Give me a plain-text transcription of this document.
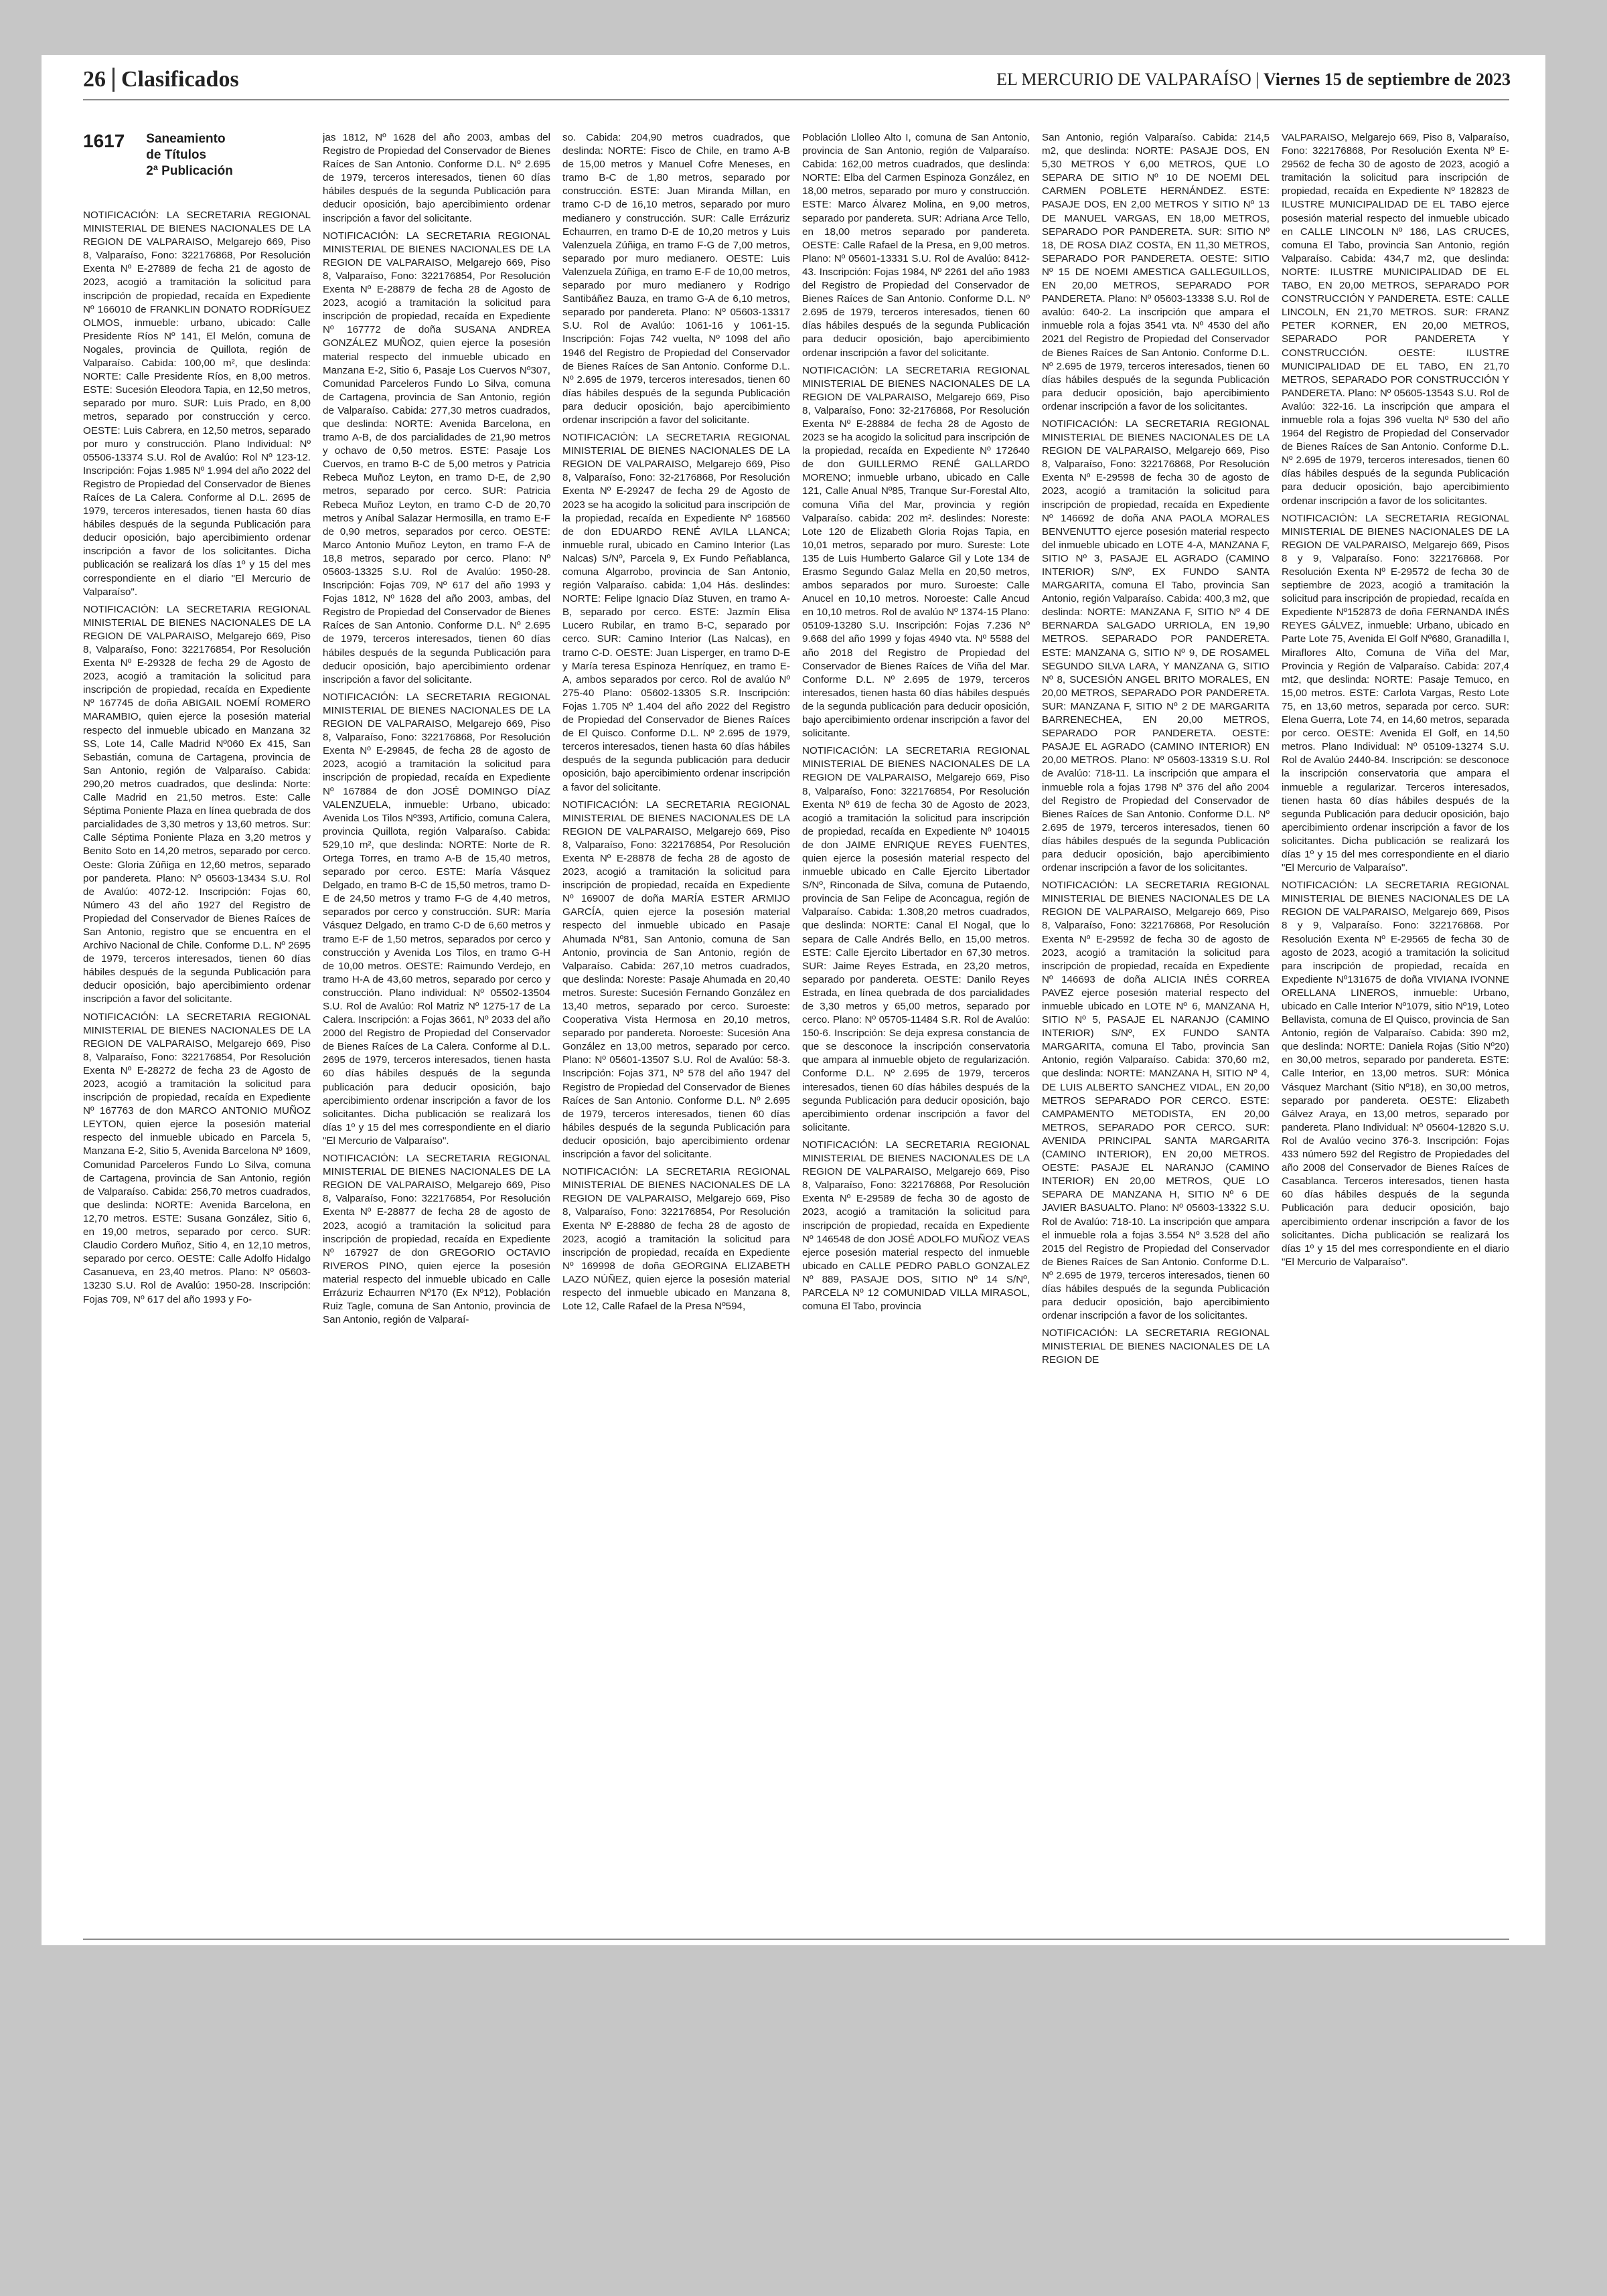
26 Clasificados	EL MERCURIO DE VALPARAÍSO | Viernes 15 de septiembre de 2023
1617 Saneamiento
de Títulos
2ª Publicación

NOTIFICACIÓN: LA SECRETARIA REGIONAL MINISTERIAL DE BIENES NACIONALES DE LA REGION DE VALPARAISO, Melgarejo 669, Piso 8, Valparaíso, Fono: 322176868, Por Resolución Exenta Nº E-27889 de fecha 21 de agosto de 2023, acogió a tramitación la solicitud para inscripción de propiedad, recaída en Expediente Nº 166010 de FRANKLIN DONATO RODRÍGUEZ OLMOS, inmueble: urbano, ubicado: Calle Presidente Ríos Nº 141, El Melón, comuna de Nogales, provincia de Quillota, región de Valparaíso. Cabida: 100,00 m², que deslinda: NORTE: Calle Presidente Ríos, en 8,00 metros. ESTE: Sucesión Eleodora Tapia, en 12,50 metros, separado por muro. SUR: Luis Prado, en 8,00 metros, separado por construcción y cerco. OESTE: Luis Cabrera, en 12,50 metros, separado por muro y construcción. Plano Individual: Nº 05506-13374 S.U. Rol de Avalúo: Rol Nº 123-12. Inscripción: Fojas 1.985 Nº 1.994 del año 2022 del Registro de Propiedad del Conservador de Bienes Raíces de La Calera. Conforme al D.L. 2695 de 1979, terceros interesados, tienen hasta 60 días hábiles después de la segunda Publicación para deducir oposición, bajo apercibimiento ordenar inscripción a favor de los solicitantes. Dicha publicación se realizará los días 1º y 15 del mes correspondiente en el diario "El Mercurio de Valparaíso".

NOTIFICACIÓN: LA SECRETARIA REGIONAL MINISTERIAL DE BIENES NACIONALES DE LA REGION DE VALPARAISO, Melgarejo 669, Piso 8, Valparaíso, Fono: 322176854, Por Resolución Exenta Nº E-29328 de fecha 29 de Agosto de 2023, acogió a tramitación la solicitud para inscripción de propiedad, recaída en Expediente Nº 167745 de doña ABIGAIL NOEMÍ ROMERO MARAMBIO, quien ejerce la posesión material respecto del inmueble ubicado en Manzana 32 SS, Lote 14, Calle Madrid Nº060 Ex 415, San Sebastián, comuna de Cartagena, provincia de San Antonio, región de Valparaíso. Cabida: 290,20 metros cuadrados, que deslinda: Norte: Calle Madrid en 21,50 metros. Este: Calle Séptima Poniente Plaza en línea quebrada de dos parcialidades de 3,30 metros y 13,60 metros. Sur: Calle Séptima Poniente Plaza en 3,20 metros y Benito Soto en 14,20 metros, separado por cerco. Oeste: Gloria Zúñiga en 12,60 metros, separado por pandereta. Plano: Nº 05603-13434 S.U. Rol de Avalúo: 4072-12. Inscripción: Fojas 60, Número 43 del año 1927 del Registro de Propiedad del Conservador de Bienes Raíces de San Antonio, registro que se encuentra en el Archivo Nacional de Chile. Conforme D.L. Nº 2695 de 1979, terceros interesados, tienen 60 días hábiles después de la segunda Publicación para deducir oposición, bajo apercibimiento ordenar inscripción a favor del solicitante.

NOTIFICACIÓN: LA SECRETARIA REGIONAL MINISTERIAL DE BIENES NACIONALES DE LA REGION DE VALPARAISO, Melgarejo 669, Piso 8, Valparaíso, Fono: 322176854, Por Resolución Exenta Nº E-28272 de fecha 23 de Agosto de 2023, acogió a tramitación la solicitud para inscripción de propiedad, recaída en Expediente Nº 167763 de don MARCO ANTONIO MUÑOZ LEYTON, quien ejerce la posesión material respecto del inmueble ubicado en Parcela 5, Manzana E-2, Sitio 5, Avenida Barcelona Nº 1609, Comunidad Parceleros Fundo Lo Silva, comuna de Cartagena, provincia de San Antonio, región de Valparaíso. Cabida: 256,70 metros cuadrados, que deslinda: NORTE: Avenida Barcelona, en 12,70 metros. ESTE: Susana González, Sitio 6, en 19,00 metros, separado por cerco. SUR: Claudio Cordero Muñoz, Sitio 4, en 12,10 metros, separado por cerco. OESTE: Calle Adolfo Hidalgo Casanueva, en 23,40 metros. Plano: Nº 05603-13230 S.U. Rol de Avalúo: 1950-28. Inscripción: Fojas 709, Nº 617 del año 1993 y Fo-

jas 1812, Nº 1628 del año 2003, ambas del Registro de Propiedad del Conservador de Bienes Raíces de San Antonio. Conforme D.L. Nº 2.695 de 1979, terceros interesados, tienen 60 días hábiles después de la segunda Publicación para deducir oposición, bajo apercibimiento ordenar inscripción a favor del solicitante.

NOTIFICACIÓN: LA SECRETARIA REGIONAL MINISTERIAL DE BIENES NACIONALES DE LA REGION DE VALPARAISO, Melgarejo 669, Piso 8, Valparaíso, Fono: 322176854, Por Resolución Exenta Nº E-28879 de fecha 28 de Agosto de 2023, acogió a tramitación la solicitud para inscripción de propiedad, recaída en Expediente Nº 167772 de doña SUSANA ANDREA GONZÁLEZ MUÑOZ, quien ejerce la posesión material respecto del inmueble ubicado en Manzana E-2, Sitio 6, Pasaje Los Cuervos Nº307, Comunidad Parceleros Fundo Lo Silva, comuna de Cartagena, provincia de San Antonio, región de Valparaíso. Cabida: 277,30 metros cuadrados, que deslinda: NORTE: Avenida Barcelona, en tramo A-B, de dos parcialidades de 21,90 metros y ochavo de 0,50 metros. ESTE: Pasaje Los Cuervos, en tramo B-C de 5,00 metros y Patricia Rebeca Muñoz Leyton, en tramo D-E, de 2,90 metros, separado por cerco. SUR: Patricia Rebeca Muñoz Leyton, en tramo C-D de 20,70 metros y Aníbal Salazar Hermosilla, en tramo E-F de 0,90 metros, separados por cerco. OESTE: Marco Antonio Muñoz Leyton, en tramo F-A de 18,8 metros, separado por cerco. Plano: Nº 05603-13325 S.U. Rol de Avalúo: 1950-28. Inscripción: Fojas 709, Nº 617 del año 1993 y Fojas 1812, Nº 1628 del año 2003, ambas, del Registro de Propiedad del Conservador de Bienes Raíces de San Antonio. Conforme D.L. Nº 2.695 de 1979, terceros interesados, tienen 60 días hábiles después de la segunda Publicación para deducir oposición, bajo apercibimiento ordenar inscripción a favor del solicitante.

NOTIFICACIÓN: LA SECRETARIA REGIONAL MINISTERIAL DE BIENES NACIONALES DE LA REGION DE VALPARAISO, Melgarejo 669, Piso 8, Valparaíso, Fono: 322176868, Por Resolución Exenta Nº E-29845, de fecha 28 de agosto de 2023, acogió a tramitación la solicitud para inscripción de propiedad, recaída en Expediente Nº 167884 de don JOSÉ DOMINGO DÍAZ VALENZUELA, inmueble: Urbano, ubicado: Avenida Los Tilos Nº393, Artificio, comuna Calera, provincia Quillota, región Valparaíso. Cabida: 529,10 m², que deslinda: NORTE: Norte de R. Ortega Torres, en tramo A-B de 15,40 metros, separado por cerco. ESTE: María Vásquez Delgado, en tramo B-C de 15,50 metros, tramo D-E de 24,50 metros y tramo F-G de 4,40 metros, separados por cerco y construcción. SUR: María Vásquez Delgado, en tramo C-D de 6,60 metros y tramo E-F de 1,50 metros, separados por cerco y construcción y Avenida Los Tilos, en tramo G-H de 10,00 metros. OESTE: Raimundo Verdejo, en tramo H-A de 43,60 metros, separado por cerco y construcción. Plano individual: Nº 05502-13504 S.U. Rol de Avalúo: Rol Matriz Nº 1275-17 de La Calera. Inscripción: a Fojas 3661, Nº 2033 del año 2000 del Registro de Propiedad del Conservador de Bienes Raíces de La Calera. Conforme al D.L. 2695 de 1979, terceros interesados, tienen hasta 60 días hábiles después de la segunda publicación para deducir oposición, bajo apercibimiento ordenar inscripción a favor de los solicitantes. Dicha publicación se realizará los días 1º y 15 del mes correspondiente en el diario "El Mercurio de Valparaíso".

NOTIFICACIÓN: LA SECRETARIA REGIONAL MINISTERIAL DE BIENES NACIONALES DE LA REGION DE VALPARAISO, Melgarejo 669, Piso 8, Valparaíso, Fono: 322176854, Por Resolución Exenta Nº E-28877 de fecha 28 de agosto de 2023, acogió a tramitación la solicitud para inscripción de propiedad, recaída en Expediente Nº 167927 de don GREGORIO OCTAVIO RIVEROS PINO, quien ejerce la posesión material respecto del inmueble ubicado en Calle Errázuriz Echaurren Nº170 (Ex Nº12), Población Ruiz Tagle, comuna de San Antonio, provincia de San Antonio, región de Valparaí-

so. Cabida: 204,90 metros cuadrados, que deslinda: NORTE: Fisco de Chile, en tramo A-B de 15,00 metros y Manuel Cofre Meneses, en tramo B-C de 1,80 metros, separado por construcción. ESTE: Juan Miranda Millan, en tramo C-D de 16,10 metros, separado por muro medianero y construcción. SUR: Calle Errázuriz Echaurren, en tramo D-E de 10,20 metros y Luis Valenzuela Zúñiga, en tramo F-G de 7,00 metros, separado por muro medianero. OESTE: Luis Valenzuela Zúñiga, en tramo E-F de 10,00 metros, separado por muro medianero y Rodrigo Santibáñez Bauza, en tramo G-A de 6,10 metros, separado por pandereta. Plano: Nº 05603-13317 S.U. Rol de Avalúo: 1061-16 y 1061-15. Inscripción: Fojas 742 vuelta, Nº 1098 del año 1946 del Registro de Propiedad del Conservador de Bienes Raíces de San Antonio. Conforme D.L. Nº 2.695 de 1979, terceros interesados, tienen 60 días hábiles después de la segunda Publicación para deducir oposición, bajo apercibimiento ordenar inscripción a favor del solicitante.

NOTIFICACIÓN: LA SECRETARIA REGIONAL MINISTERIAL DE BIENES NACIONALES DE LA REGION DE VALPARAISO, Melgarejo 669, Piso 8, Valparaíso, Fono: 32-2176868, Por Resolución Exenta Nº E-29247 de fecha 29 de Agosto de 2023 se ha acogido la solicitud para inscripción de la propiedad, recaída en Expediente Nº 168560 de don EDUARDO RENÉ AVILA LLANCA; inmueble rural, ubicado en Camino Interior (Las Nalcas) S/Nº, Parcela 9, Ex Fundo Peñablanca, comuna Algarrobo, provincia de San Antonio, región Valparaíso. cabida: 1,04 Hás. deslindes: NORTE: Felipe Ignacio Díaz Stuven, en tramo A-B, separado por cerco. ESTE: Jazmín Elisa Lucero Rubilar, en tramo B-C, separado por cerco. SUR: Camino Interior (Las Nalcas), en tramo C-D. OESTE: Juan Lisperger, en tramo D-E y María teresa Espinoza Henríquez, en tramo E-A, ambos separados por cerco. Rol de avalúo Nº 275-40 Plano: 05602-13305 S.R. Inscripción: Fojas 1.705 Nº 1.404 del año 2022 del Registro de Propiedad del Conservador de Bienes Raíces de El Quisco. Conforme D.L. Nº 2.695 de 1979, terceros interesados, tienen hasta 60 días hábiles después de la segunda publicación para deducir oposición, bajo apercibimiento ordenar inscripción a favor del solicitante.

NOTIFICACIÓN: LA SECRETARIA REGIONAL MINISTERIAL DE BIENES NACIONALES DE LA REGION DE VALPARAISO, Melgarejo 669, Piso 8, Valparaíso, Fono: 322176854, Por Resolución Exenta Nº E-28878 de fecha 28 de agosto de 2023, acogió a tramitación la solicitud para inscripción de propiedad, recaída en Expediente Nº 169007 de doña MARÍA ESTER ARMIJO GARCÍA, quien ejerce la posesión material respecto del inmueble ubicado en Pasaje Ahumada Nº81, San Antonio, comuna de San Antonio, provincia de San Antonio, región de Valparaíso. Cabida: 267,10 metros cuadrados, que deslinda: Noreste: Pasaje Ahumada en 20,40 metros. Sureste: Sucesión Fernando González en 13,40 metros, separado por cerco. Suroeste: Cooperativa Vista Hermosa en 20,10 metros, separado por pandereta. Noroeste: Sucesión Ana González en 13,00 metros, separado por cerco. Plano: Nº 05601-13507 S.U. Rol de Avalúo: 58-3. Inscripción: Fojas 371, Nº 578 del año 1947 del Registro de Propiedad del Conservador de Bienes Raíces de San Antonio. Conforme D.L. Nº 2.695 de 1979, terceros interesados, tienen 60 días hábiles después de la segunda Publicación para deducir oposición, bajo apercibimiento ordenar inscripción a favor del solicitante.

NOTIFICACIÓN: LA SECRETARIA REGIONAL MINISTERIAL DE BIENES NACIONALES DE LA REGION DE VALPARAISO, Melgarejo 669, Piso 8, Valparaíso, Fono: 322176854, Por Resolución Exenta Nº E-28880 de fecha 28 de agosto de 2023, acogió a tramitación la solicitud para inscripción de propiedad, recaída en Expediente Nº 169998 de doña GEORGINA ELIZABETH LAZO NÚÑEZ, quien ejerce la posesión material respecto del inmueble ubicado en Manzana 8, Lote 12, Calle Rafael de la Presa Nº594,

Población Llolleo Alto I, comuna de San Antonio, provincia de San Antonio, región de Valparaíso. Cabida: 162,00 metros cuadrados, que deslinda: NORTE: Elba del Carmen Espinoza González, en 18,00 metros, separado por muro y construcción. ESTE: Marco Álvarez Molina, en 9,00 metros, separado por pandereta. SUR: Adriana Arce Tello, en 18,00 metros separado por pandereta. OESTE: Calle Rafael de la Presa, en 9,00 metros. Plano: Nº 05601-13331 S.U. Rol de Avalúo: 8412-43. Inscripción: Fojas 1984, Nº 2261 del año 1983 del Registro de Propiedad del Conservador de Bienes Raíces de San Antonio. Conforme D.L. Nº 2.695 de 1979, terceros interesados, tienen 60 días hábiles después de la segunda Publicación para deducir oposición, bajo apercibimiento ordenar inscripción a favor del solicitante.

NOTIFICACIÓN: LA SECRETARIA REGIONAL MINISTERIAL DE BIENES NACIONALES DE LA REGION DE VALPARAISO, Melgarejo 669, Piso 8, Valparaíso, Fono: 32-2176868, Por Resolución Exenta Nº E-28884 de fecha 28 de Agosto de 2023 se ha acogido la solicitud para inscripción de la propiedad, recaída en Expediente Nº 172640 de don GUILLERMO RENÉ GALLARDO MORENO; inmueble urbano, ubicado en Calle 121, Calle Anual Nº85, Tranque Sur-Forestal Alto, comuna Viña del Mar, provincia y región Valparaíso. cabida: 202 m². deslindes: Noreste: Lote 120 de Elizabeth Gloria Rojas Tapia, en 10,01 metros, separado por muro. Sureste: Lote 135 de Luis Humberto Galarce Gil y Lote 134 de Erasmo Segundo Galaz Mella en 20,50 metros, ambos separados por muro. Suroeste: Calle Anucel en 10,10 metros. Noroeste: Calle Ancud en 10,10 metros. Rol de avalúo Nº 1374-15 Plano: 05109-13280 S.U. Inscripción: Fojas 7.236 Nº 9.668 del año 1999 y fojas 4940 vta. Nº 5588 del año 2018 del Registro de Propiedad del Conservador de Bienes Raíces de Viña del Mar. Conforme D.L. Nº 2.695 de 1979, terceros interesados, tienen hasta 60 días hábiles después de la segunda publicación para deducir oposición, bajo apercibimiento ordenar inscripción a favor del solicitante.

NOTIFICACIÓN: LA SECRETARIA REGIONAL MINISTERIAL DE BIENES NACIONALES DE LA REGION DE VALPARAISO, Melgarejo 669, Piso 8, Valparaíso, Fono: 322176854, Por Resolución Exenta Nº 619 de fecha 30 de Agosto de 2023, acogió a tramitación la solicitud para inscripción de propiedad, recaída en Expediente Nº 104015 de don JAIME ENRIQUE REYES FUENTES, quien ejerce la posesión material respecto del inmueble ubicado en Calle Ejercito Libertador S/Nº, Rinconada de Silva, comuna de Putaendo, provincia de San Felipe de Aconcagua, región de Valparaíso. Cabida: 1.308,20 metros cuadrados, que deslinda: NORTE: Canal El Nogal, que lo separa de Calle Andrés Bello, en 15,00 metros. ESTE: Calle Ejercito Libertador en 67,30 metros. SUR: Jaime Reyes Estrada, en 23,20 metros, separado por pandereta. OESTE: Danilo Reyes Estrada, en línea quebrada de dos parcialidades de 3,30 metros y 65,00 metros, separado por cerco. Plano: Nº 05705-11484 S.R. Rol de Avalúo: 150-6. Inscripción: Se deja expresa constancia de que se desconoce la inscripción conservatoria que ampara al inmueble objeto de regularización. Conforme D.L. Nº 2.695 de 1979, terceros interesados, tienen 60 días hábiles después de la segunda Publicación para deducir oposición, bajo apercibimiento ordenar inscripción a favor del solicitante.

NOTIFICACIÓN: LA SECRETARIA REGIONAL MINISTERIAL DE BIENES NACIONALES DE LA REGION DE VALPARAISO, Melgarejo 669, Piso 8, Valparaíso, Fono: 322176868, Por Resolución Exenta Nº E-29589 de fecha 30 de agosto de 2023, acogió a tramitación la solicitud para inscripción de propiedad, recaída en Expediente Nº 146548 de don JOSÉ ADOLFO MUÑOZ VEAS ejerce posesión material respecto del inmueble ubicado en CALLE PEDRO PABLO GONZALEZ Nº 889, PASAJE DOS, SITIO Nº 14 S/Nº, PARCELA Nº 12 COMUNIDAD VILLA MIRASOL, comuna El Tabo, provincia

San Antonio, región Valparaíso. Cabida: 214,5 m2, que deslinda: NORTE: PASAJE DOS, EN 5,30 METROS Y 6,00 METROS, QUE LO SEPARA DE SITIO Nº 10 DE NOEMI DEL CARMEN POBLETE HERNÁNDEZ. ESTE: PASAJE DOS, EN 2,00 METROS Y SITIO Nº 13 DE MANUEL VARGAS, EN 18,00 METROS, SEPARADO POR PANDERETA. SUR: SITIO Nº 18, DE ROSA DIAZ COSTA, EN 11,30 METROS, SEPARADO POR PANDERETA. OESTE: SITIO Nº 15 DE NOEMI AMESTICA GALLEGUILLOS, EN 20,00 METROS, SEPARADO POR PANDERETA. Plano: Nº 05603-13338 S.U. Rol de avalúo: 640-2. La inscripción que ampara el inmueble rola a fojas 3541 vta. Nº 4530 del año 2021 del Registro de Propiedad del Conservador de Bienes Raíces de San Antonio. Conforme D.L. Nº 2.695 de 1979, terceros interesados, tienen 60 días hábiles después de la segunda Publicación para deducir oposición, bajo apercibimiento ordenar inscripción a favor de los solicitantes.

NOTIFICACIÓN: LA SECRETARIA REGIONAL MINISTERIAL DE BIENES NACIONALES DE LA REGION DE VALPARAISO, Melgarejo 669, Piso 8, Valparaíso, Fono: 322176868, Por Resolución Exenta Nº E-29598 de fecha 30 de agosto de 2023, acogió a tramitación la solicitud para inscripción de propiedad, recaída en Expediente Nº 146692 de doña ANA PAOLA MORALES BENVENUTTO ejerce posesión material respecto del inmueble ubicado en LOTE 4-A, MANZANA F, SITIO Nº 3, PASAJE EL AGRADO (CAMINO INTERIOR) S/Nº, EX FUNDO SANTA MARGARITA, comuna El Tabo, provincia San Antonio, región Valparaíso. Cabida: 400,3 m2, que deslinda: NORTE: MANZANA F, SITIO Nº 4 DE BERNARDA SALGADO URRIOLA, EN 19,90 METROS. SEPARADO POR PANDERETA. ESTE: MANZANA G, SITIO Nº 9, DE ROSAMEL SEGUNDO SILVA LARA, Y MANZANA G, SITIO Nº 8, SUCESIÓN ANGEL BRITO MORALES, EN 20,00 METROS, SEPARADO POR PANDERETA. SUR: MANZANA F, SITIO Nº 2 DE MARGARITA BARRENECHEA, EN 20,00 METROS, SEPARADO POR PANDERETA. OESTE: PASAJE EL AGRADO (CAMINO INTERIOR) EN 20,00 METROS. Plano: Nº 05603-13319 S.U. Rol de Avalúo: 718-11. La inscripción que ampara el inmueble rola a fojas 1798 Nº 376 del año 2004 del Registro de Propiedad del Conservador de Bienes Raíces de San Antonio. Conforme D.L. Nº 2.695 de 1979, terceros interesados, tienen 60 días hábiles después de la segunda Publicación para deducir oposición, bajo apercibimiento ordenar inscripción a favor de los solicitantes.

NOTIFICACIÓN: LA SECRETARIA REGIONAL MINISTERIAL DE BIENES NACIONALES DE LA REGION DE VALPARAISO, Melgarejo 669, Piso 8, Valparaíso, Fono: 322176868, Por Resolución Exenta Nº E-29592 de fecha 30 de agosto de 2023, acogió a tramitación la solicitud para inscripción de propiedad, recaída en Expediente Nº 146693 de doña ALICIA INÉS CORREA PAVEZ ejerce posesión material respecto del inmueble ubicado en LOTE Nº 6, MANZANA H, SITIO Nº 5, PASAJE EL NARANJO (CAMINO INTERIOR) S/Nº, EX FUNDO SANTA MARGARITA, comuna El Tabo, provincia San Antonio, región Valparaíso. Cabida: 370,60 m2, que deslinda: NORTE: MANZANA H, SITIO Nº 4, DE LUIS ALBERTO SANCHEZ VIDAL, EN 20,00 METROS SEPARADO POR CERCO. ESTE: CAMPAMENTO METODISTA, EN 20,00 METROS, SEPARADO POR CERCO. SUR: AVENIDA PRINCIPAL SANTA MARGARITA (CAMINO INTERIOR), EN 20,00 METROS. OESTE: PASAJE EL NARANJO (CAMINO INTERIOR) EN 20,00 METROS, QUE LO SEPARA DE MANZANA H, SITIO Nº 6 DE JAVIER BASUALTO. Plano: Nº 05603-13322 S.U. Rol de Avalúo: 718-10. La inscripción que ampara el inmueble rola a fojas 3.554 Nº 3.528 del año 2015 del Registro de Propiedad del Conservador de Bienes Raíces de San Antonio. Conforme D.L. Nº 2.695 de 1979, terceros interesados, tienen 60 días hábiles después de la segunda Publicación para deducir oposición, bajo apercibimiento ordenar inscripción a favor de los solicitantes.

NOTIFICACIÓN: LA SECRETARIA REGIONAL MINISTERIAL DE BIENES NACIONALES DE LA REGION DE

VALPARAISO, Melgarejo 669, Piso 8, Valparaíso, Fono: 322176868, Por Resolución Exenta Nº E-29562 de fecha 30 de agosto de 2023, acogió a tramitación la solicitud para inscripción de propiedad, recaída en Expediente Nº 182823 de ILUSTRE MUNICIPALIDAD DE EL TABO ejerce posesión material respecto del inmueble ubicado en CALLE LINCOLN Nº 186, LAS CRUCES, comuna El Tabo, provincia San Antonio, región Valparaíso. Cabida: 434,7 m2, que deslinda: NORTE: ILUSTRE MUNICIPALIDAD DE EL TABO, EN 20,00 METROS, SEPARADO POR CONSTRUCCIÓN Y PANDERETA. ESTE: CALLE LINCOLN, EN 21,70 METROS. SUR: FRANZ PETER KORNER, EN 20,00 METROS, SEPARADO POR PANDERETA Y CONSTRUCCIÓN. OESTE: ILUSTRE MUNICIPALIDAD DE EL TABO, EN 21,70 METROS, SEPARADO POR CONSTRUCCIÓN Y PANDERETA. Plano: Nº 05605-13543 S.U. Rol de Avalúo: 322-16. La inscripción que ampara el inmueble rola a fojas 396 vuelta Nº 530 del año 1964 del Registro de Propiedad del Conservador de Bienes Raíces de San Antonio. Conforme D.L. Nº 2.695 de 1979, terceros interesados, tienen 60 días hábiles después de la segunda Publicación para deducir oposición, bajo apercibimiento ordenar inscripción a favor de los solicitantes.

NOTIFICACIÓN: LA SECRETARIA REGIONAL MINISTERIAL DE BIENES NACIONALES DE LA REGION DE VALPARAISO, Melgarejo 669, Pisos 8 y 9, Valparaíso. Fono: 322176868. Por Resolución Exenta Nº E-29572 de fecha 30 de septiembre de 2023, acogió a tramitación la solicitud para inscripción de propiedad, recaída en Expediente Nº152873 de doña FERNANDA INÉS REYES GÁLVEZ, inmueble: Urbano, ubicado en Parte Lote 75, Avenida El Golf Nº680, Granadilla I, Miraflores Alto, Comuna de Viña del Mar, Provincia y Región de Valparaíso. Cabida: 207,4 mt2, que deslinda: NORTE: Pasaje Temuco, en 15,00 metros. ESTE: Carlota Vargas, Resto Lote 75, en 13,60 metros, separada por cerco. SUR: Elena Guerra, Lote 74, en 14,60 metros, separada por cerco. OESTE: Avenida El Golf, en 14,50 metros. Plano Individual: Nº 05109-13274 S.U. Rol de Avalúo 2440-84. Inscripción: se desconoce la inscripción conservatoria que ampara el inmueble a regularizar. Terceros interesados, tienen hasta 60 días hábiles después de la segunda Publicación para deducir oposición, bajo apercibimiento ordenar inscripción a favor de los solicitantes. Dicha publicación se realizará los días 1º y 15 del mes correspondiente en el diario "El Mercurio de Valparaíso".

NOTIFICACIÓN: LA SECRETARIA REGIONAL MINISTERIAL DE BIENES NACIONALES DE LA REGION DE VALPARAISO, Melgarejo 669, Pisos 8 y 9, Valparaíso. Fono: 322176868. Por Resolución Exenta Nº E-29565 de fecha 30 de agosto de 2023, acogió a tramitación la solicitud para inscripción de propiedad, recaída en Expediente Nº131675 de doña VIVIANA IVONNE ORELLANA LINEROS, inmueble: Urbano, ubicado en Calle Interior Nº1079, sitio Nº19, Loteo Bellavista, comuna de El Quisco, provincia de San Antonio, región de Valparaíso. Cabida: 390 m2, que deslinda: NORTE: Daniela Rojas (Sitio Nº20) en 30,00 metros, separado por pandereta. ESTE: Calle Interior, en 13,00 metros. SUR: Mónica Vásquez Marchant (Sitio Nº18), en 30,00 metros, separado por pandereta. OESTE: Elizabeth Gálvez Araya, en 13,00 metros, separado por pandereta. Plano Individual: Nº 05604-12820 S.U. Rol de Avalúo vecino 376-3. Inscripción: Fojas 433 número 592 del Registro de Propiedades del año 2008 del Conservador de Bienes Raíces de Casablanca. Terceros interesados, tienen hasta 60 días hábiles después de la segunda Publicación para deducir oposición, bajo apercibimiento ordenar inscripción a favor de los solicitantes. Dicha publicación se realizará los días 1º y 15 del mes correspondiente en el diario "El Mercurio de Valparaíso".
